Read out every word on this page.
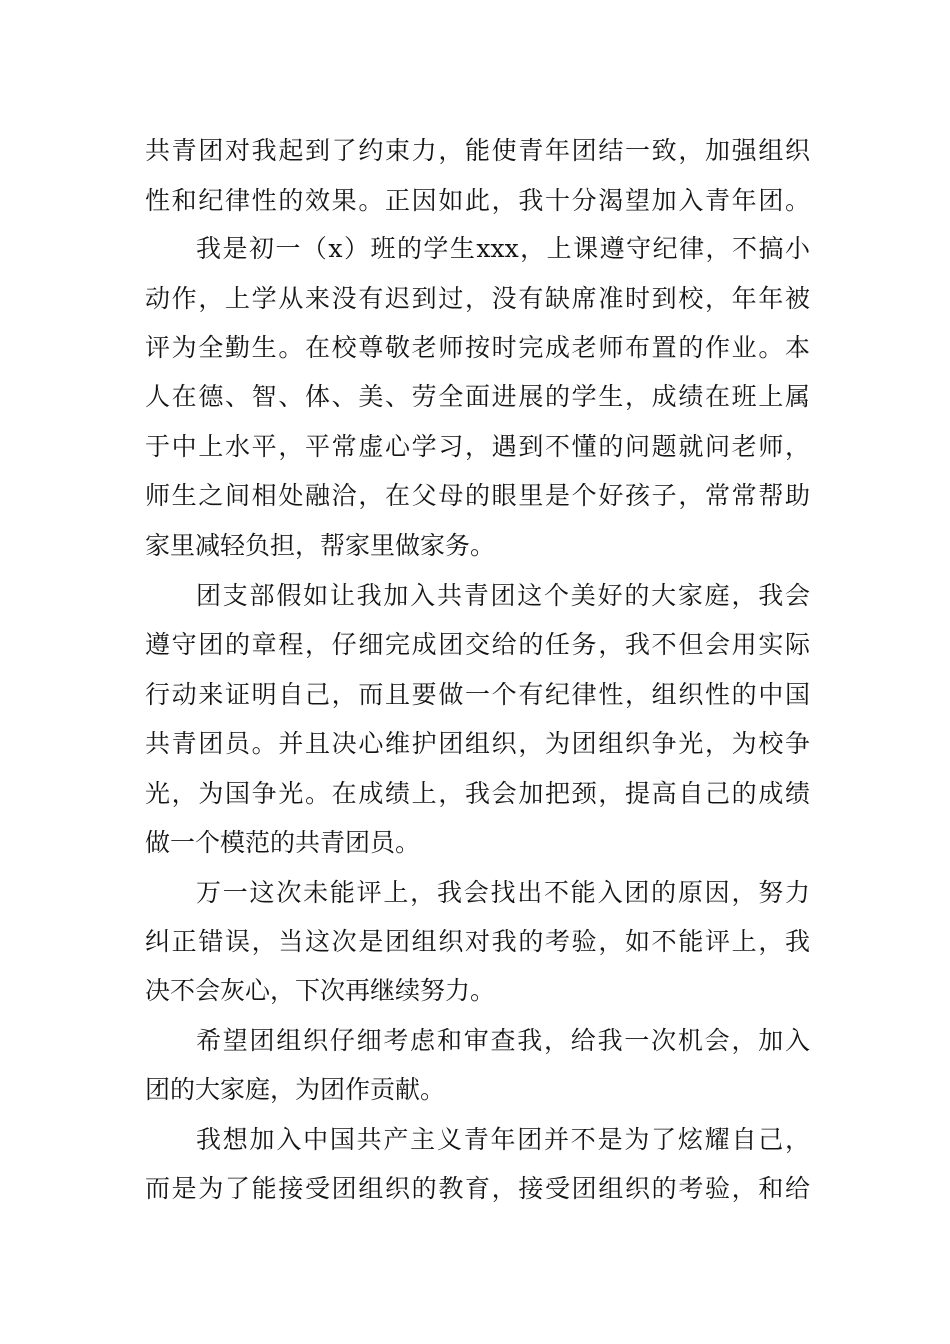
共青团对我起到了约束力，能使青年团结一致，加强组织
性和纪律性的效果。正因如此，我十分渴望加入青年团。
我是初一（x）班的学生xxx，上课遵守纪律，不搞小
动作，上学从来没有迟到过，没有缺席准时到校，年年被
评为全勤生。在校尊敬老师按时完成老师布置的作业。本
人在德、智、体、美、劳全面进展的学生，成绩在班上属
于中上水平，平常虚心学习，遇到不懂的问题就问老师，
师生之间相处融洽，在父母的眼里是个好孩子，常常帮助
家里减轻负担，帮家里做家务。
团支部假如让我加入共青团这个美好的大家庭，我会
遵守团的章程，仔细完成团交给的任务，我不但会用实际
行动来证明自己，而且要做一个有纪律性，组织性的中国
共青团员。并且决心维护团组织，为团组织争光，为校争
光，为国争光。在成绩上，我会加把颈，提高自己的成绩
做一个模范的共青团员。
万一这次未能评上，我会找出不能入团的原因，努力
纠正错误，当这次是团组织对我的考验，如不能评上，我
决不会灰心，下次再继续努力。
希望团组织仔细考虑和审查我，给我一次机会，加入
团的大家庭，为团作贡献。
我想加入中国共产主义青年团并不是为了炫耀自己，
而是为了能接受团组织的教育，接受团组织的考验，和给
